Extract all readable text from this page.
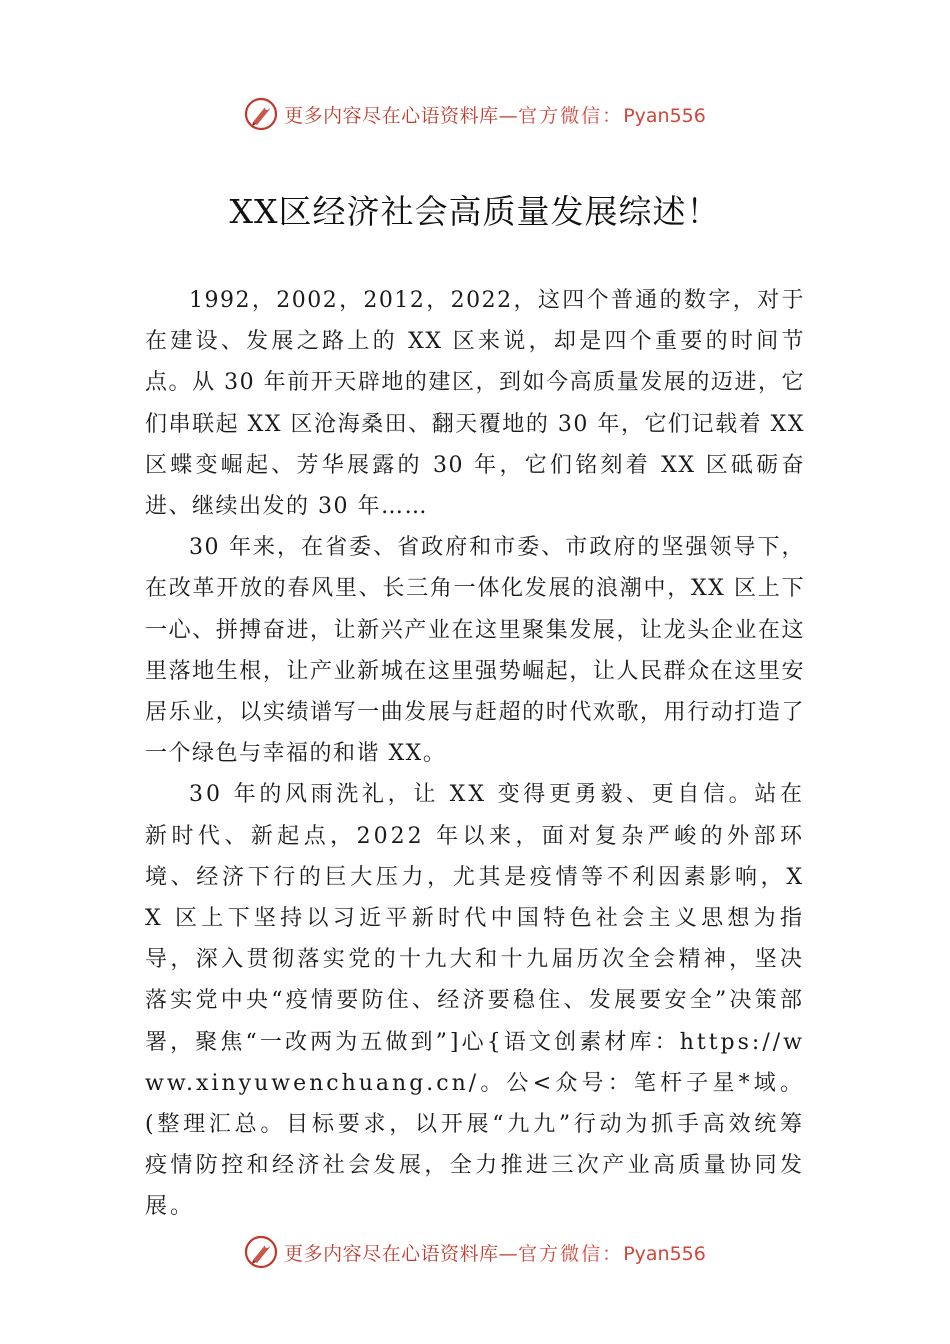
更多内容尽在心语资料库—官方微信：Pyan556
XX区经济社会高质量发展综述！

1992，2002，2012，2022，这四个普通的数字，对于在建设、发展之路上的 XX 区来说，却是四个重要的时间节点。从 30 年前开天辟地的建区，到如今高质量发展的迈进，它们串联起 XX 区沧海桑田、翻天覆地的 30 年，它们记载着 XX 区蝶变崛起、芳华展露的 30 年，它们铭刻着 XX 区砥砺奋进、继续出发的 30 年……

30 年来，在省委、省政府和市委、市政府的坚强领导下，在改革开放的春风里、长三角一体化发展的浪潮中，XX 区上下一心、拼搏奋进，让新兴产业在这里聚集发展，让龙头企业在这里落地生根，让产业新城在这里强势崛起，让人民群众在这里安居乐业，以实绩谱写一曲发展与赶超的时代欢歌，用行动打造了一个绿色与幸福的和谐 XX。

30 年的风雨洗礼，让 XX 变得更勇毅、更自信。站在新时代、新起点，2022 年以来，面对复杂严峻的外部环境、经济下行的巨大压力，尤其是疫情等不利因素影响，XX 区上下坚持以习近平新时代中国特色社会主义思想为指导，深入贯彻落实党的十九大和十九届历次全会精神，坚决落实党中央“疫情要防住、经济要稳住、发展要安全”决策部署，聚焦“一改两为五做到”]心{语文创素材库：https://www.xinyuwenchuang.cn/。公<众号：笔杆子星*域。(整理汇总。目标要求，以开展“九九”行动为抓手高效统筹疫情防控和经济社会发展，全力推进三次产业高质量协同发展。

更多内容尽在心语资料库—官方微信：Pyan556
